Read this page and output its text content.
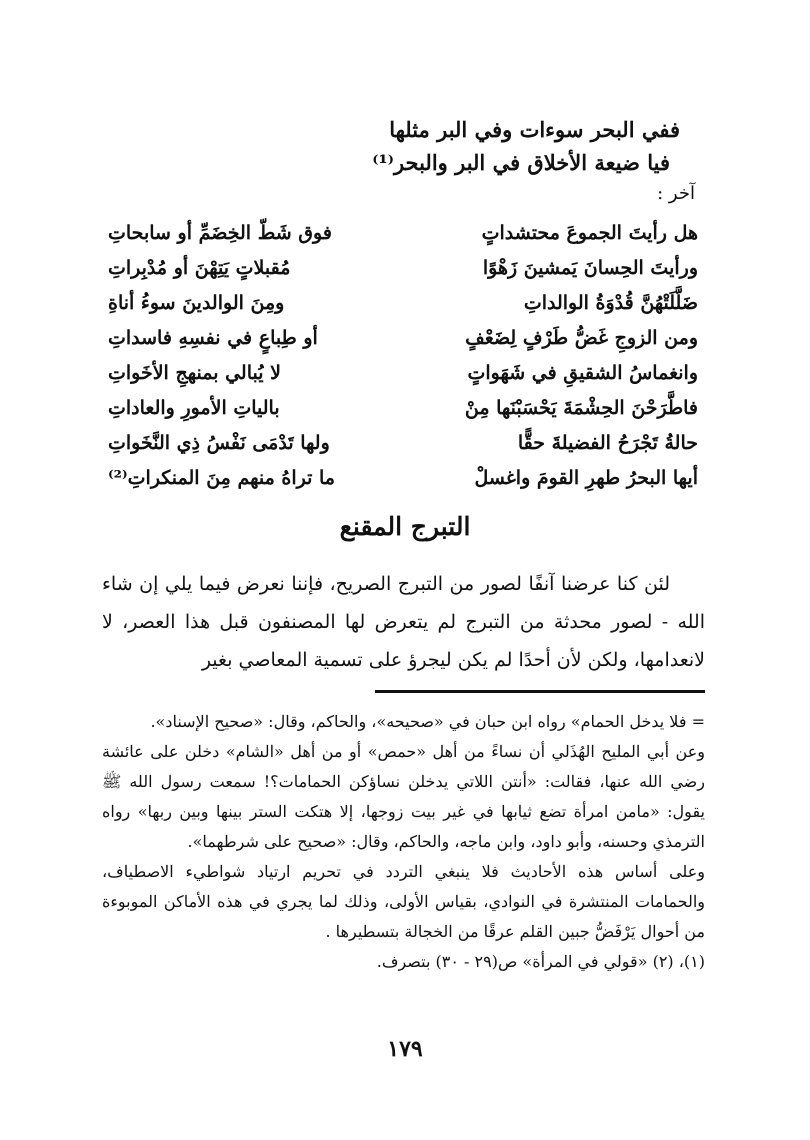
ففي البحر سوءات وفي البر مثلها
فيا ضيعة الأخلاق في البر والبحر⁽¹⁾
آخر :
هل رأيتَ الجموعَ محتشداتٍ
فوق شَطّ الخِضَمِّ أو سابحاتِ
ورأيتَ الحِسانَ يَمشينَ زَهْوًا
مُقبلاتٍ يَتِهْنَ أو مُدْبِراتِ
ضَلَّلَتْهُنَّ قُدْوَةُ الوالداتِ
ومِنَ الوالدينَ سوءُ أناةِ
ومن الزوجِ غَضُّ طَرْفٍ لِضَعْفٍ
أو طِباعٍ في نفسِهِ فاسداتِ
وانغماسُ الشقيقِ في شَهَواتٍ
لا يُبالي بمنهجِ الأخَواتِ
فاطَّرَحْنَ الحِشْمَةَ يَحْسَبْنَها مِنْ
بالياتِ الأمورِ والعاداتِ
حالةُ تَجْرَحُ الفضيلةَ حقًّا
ولها تَدْمَى نَفْسُ ذِي النَّخَواتِ
أيها البحرُ طهرِ القومَ واغسلْ
ما تراهُ منهم مِنَ المنكراتِ⁽²⁾
التبرج المقنع

لئن كنا عرضنا آنفًا لصور من التبرج الصريح، فإننا نعرض فيما يلي إن شاء الله - لصور محدثة من التبرج لم يتعرض لها المصنفون قبل هذا العصر، لا لانعدامها، ولكن لأن أحدًا لم يكن ليجرؤ على تسمية المعاصي بغير

= فلا يدخل الحمام» رواه ابن حبان في «صحيحه»، والحاكم، وقال: «صحيح الإسناد».

وعن أبي المليح الهُذَلي أن نساءً من أهل «حمص» أو من أهل «الشام» دخلن على عائشة رضي الله عنها، فقالت: «أنتن اللاتي يدخلن نساؤكن الحمامات؟! سمعت رسول الله ﷺ يقول: «مامن امرأة تضع ثيابها في غير بيت زوجها، إلا هتكت الستر بينها وبين ربها» رواه الترمذي وحسنه، وأبو داود، وابن ماجه، والحاكم، وقال: «صحيح على شرطهما».

وعلى أساس هذه الأحاديث فلا ينبغي التردد في تحريم ارتياد شواطيء الاصطياف، والحمامات المنتشرة في النوادي، بقياس الأولى، وذلك لما يجري في هذه الأماكن الموبوءة من أحوال يَرْفَضُّ جبين القلم عرقًا من الخجالة بتسطيرها .

(١)، (٢) «قولي في المرأة» ص(٢٩ - ٣٠) بتصرف.

١٧٩
